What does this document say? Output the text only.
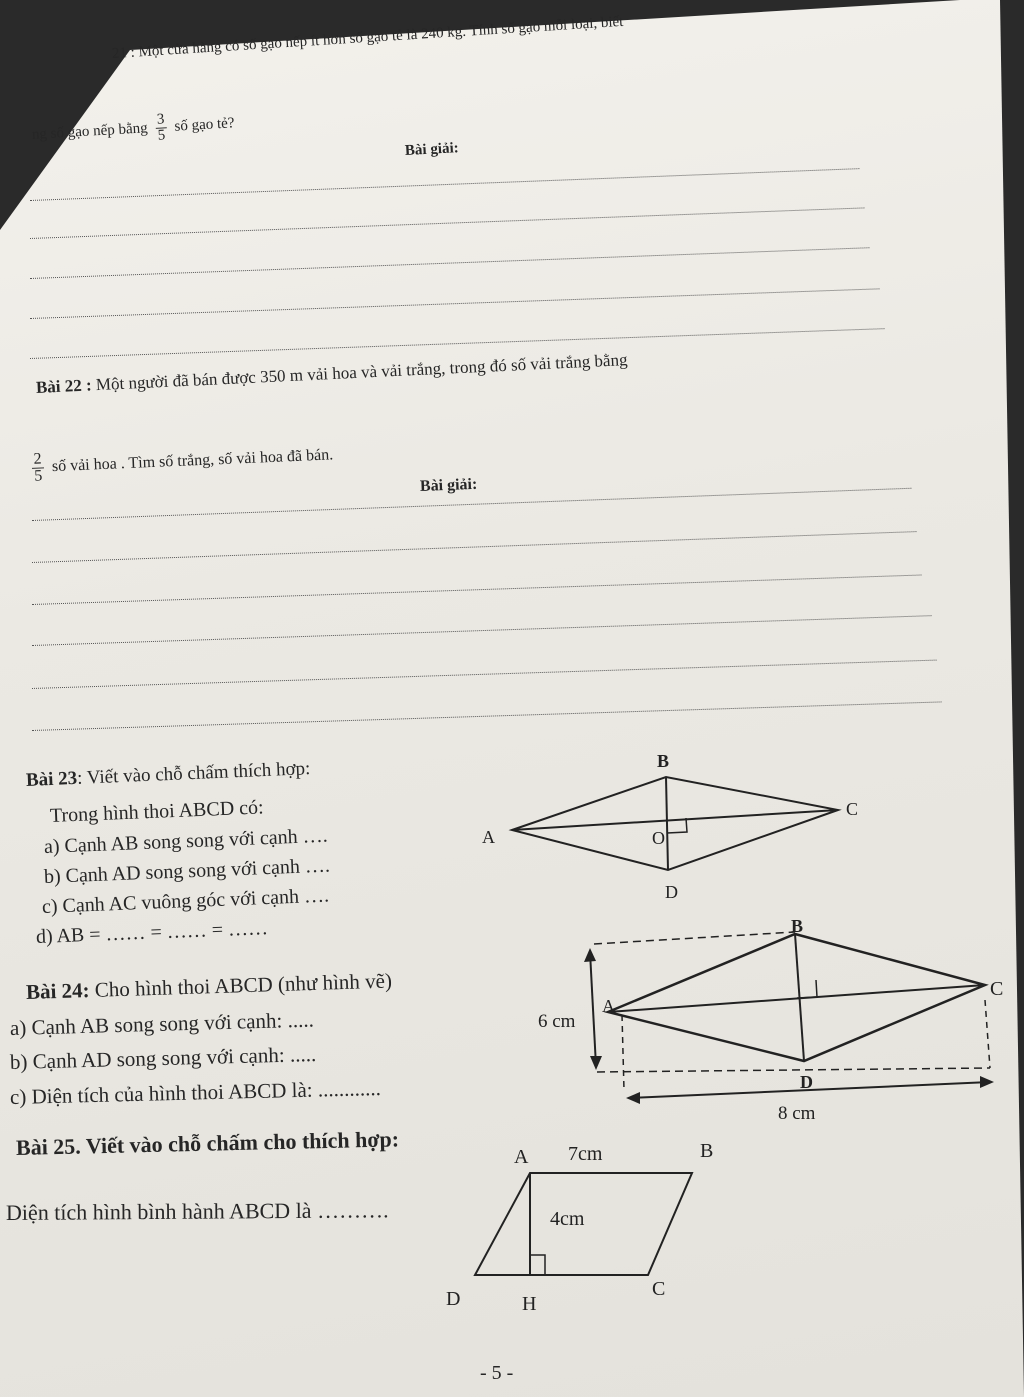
21 : Một cửa hàng có số gạo nếp ít hơn số gạo tẻ là 240 kg. Tính số gạo mỗi loại, biết
ng số gạo nếp bằng $\frac{3}{5}$ số gạo tẻ?
Bài giải:
Bài 22 : Một người đã bán được 350 m vải hoa và vải trắng, trong đó số vải trắng bằng
$\frac{2}{5}$ số vải hoa . Tìm số trắng, số vải hoa đã bán.
Bài giải:
Bài 23: Viết vào chỗ chấm thích hợp:
Trong hình thoi ABCD có:
a) Cạnh AB song song với cạnh ….
b) Cạnh AD song song với cạnh ….
c) Cạnh AC vuông góc với cạnh ….
d) AB = …… = …… = ……
Bài 24: Cho hình thoi ABCD (như hình vẽ)
a) Cạnh AB song song với cạnh: .....
b) Cạnh AD song song với cạnh: .....
c) Diện tích của hình thoi ABCD là: ............
Bài 25. Viết vào chỗ chấm cho thích hợp:
Diện tích hình bình hành ABCD là ……….
- 5 -
A
B
C
D
O
A
B
C
D
6 cm
8 cm
A	B
C
D	H
7cm
4cm
